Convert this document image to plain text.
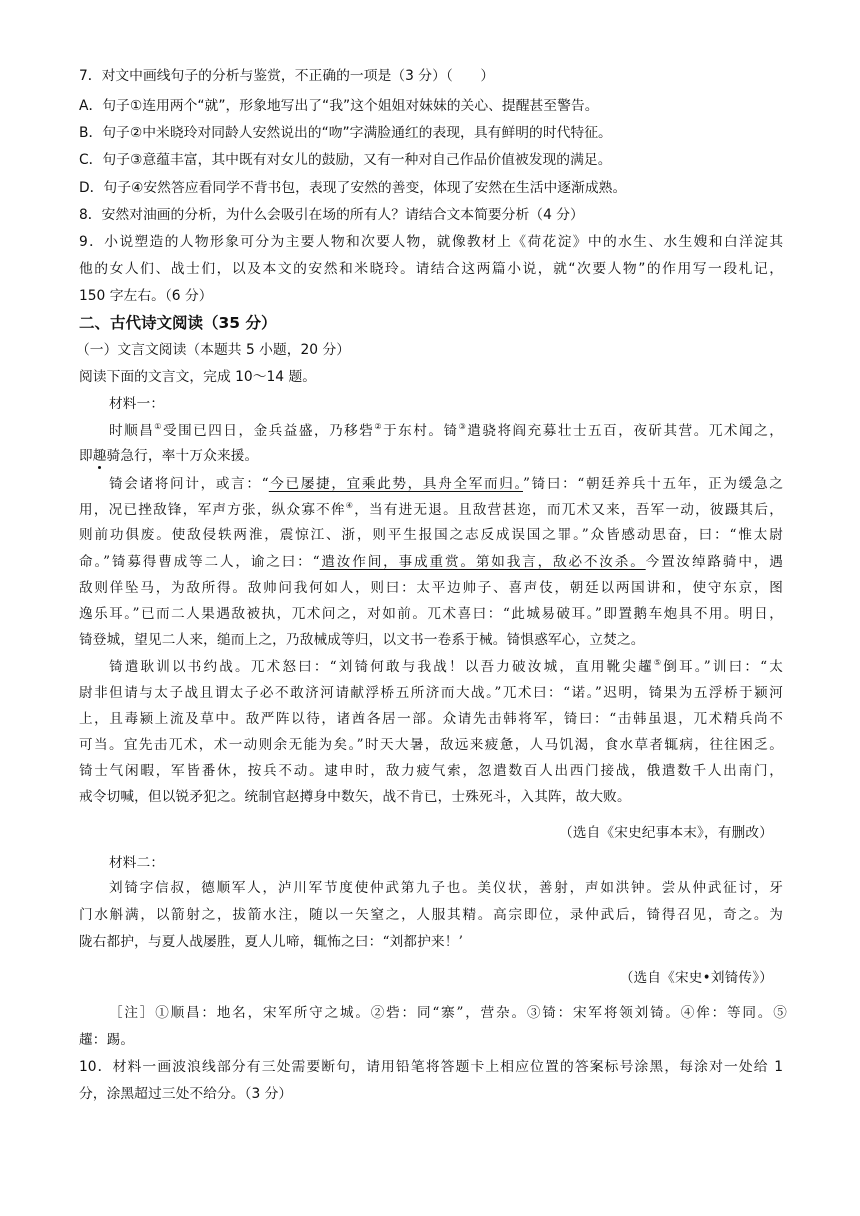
7．对文中画线句子的分析与鉴赏，不正确的一项是（3 分）（　　）
A．句子①连用两个“就”，形象地写出了“我”这个姐姐对妹妹的关心、提醒甚至警告。
B．句子②中米晓玲对同龄人安然说出的“吻”字满脸通红的表现，具有鲜明的时代特征。
C．句子③意蕴丰富，其中既有对女儿的鼓励，又有一种对自己作品价值被发现的满足。
D．句子④安然答应看同学不背书包，表现了安然的善变，体现了安然在生活中逐渐成熟。
8．安然对油画的分析，为什么会吸引在场的所有人？请结合文本简要分析（4 分）
9．小说塑造的人物形象可分为主要人物和次要人物，就像教材上《荷花淀》中的水生、水生嫂和白洋淀其
他的女人们、战士们，以及本文的安然和米晓玲。请结合这两篇小说，就“次要人物”的作用写一段札记，
150 字左右。（6 分）
二、古代诗文阅读（35 分）
（一）文言文阅读（本题共 5 小题，20 分）
阅读下面的文言文，完成 10～14 题。
材料一：
时顺昌①受围已四日，金兵益盛，乃移砦②于东村。锜③遣骁将阎充募壮士五百，夜斫其营。兀术闻之，
即趣骑急行，率十万众来援。
锜会诸将问计，或言：“今已屡捷，宜乘此势，具舟全军而归。”锜曰：“朝廷养兵十五年，正为缓急之
用，况已挫敌锋，军声方张，纵众寡不侔④，当有进无退。且敌营甚迩，而兀术又来，吾军一动，彼蹑其后，
则前功俱废。使敌侵轶两淮，震惊江、浙，则平生报国之志反成误国之罪。”众皆感动思奋，曰：“惟太尉
命。”锜募得曹成等二人，谕之曰：“遣汝作间，事成重赏。第如我言，敌必不汝杀。今置汝绰路骑中，遇
敌则佯坠马，为敌所得。敌帅问我何如人，则曰：太平边帅子、喜声伎，朝廷以两国讲和，使守东京，图
逸乐耳。”已而二人果遇敌被执，兀术问之，对如前。兀术喜曰：“此城易破耳。”即置鹅车炮具不用。明日，
锜登城，望见二人来，缒而上之，乃敌械成等归，以文书一卷系于械。锜惧惑军心，立焚之。
锜遣耿训以书约战。兀术怒曰：“刘锜何敢与我战！以吾力破汝城，直用靴尖趯⑤倒耳。”训曰：“太
尉非但请与太子战且谓太子必不敢济河请献浮桥五所济而大战。”兀术曰：“诺。”迟明，锜果为五浮桥于颍河
上，且毒颍上流及草中。敌严阵以待，诸酋各居一部。众请先击韩将军，锜曰：“击韩虽退，兀术精兵尚不
可当。宜先击兀术，术一动则余无能为矣。”时天大暑，敌远来疲惫，人马饥渴，食水草者辄病，往往困乏。
锜士气闲暇，军皆番休，按兵不动。逮申时，敌力疲气索，忽遣数百人出西门接战，俄遣数千人出南门，
戒令切喊，但以锐矛犯之。统制官赵撙身中数矢，战不肯已，士殊死斗，入其阵，故大败。
（选自《宋史纪事本末》，有删改）
材料二：
刘锜字信叔，德顺军人，泸川军节度使仲武第九子也。美仪状，善射，声如洪钟。尝从仲武征讨，牙
门水斛满，以箭射之，拔箭水注，随以一矢窒之，人服其精。高宗即位，录仲武后，锜得召见，奇之。为
陇右都护，与夏人战屡胜，夏人儿啼，辄怖之曰：“刘都护来！’
（选自《宋史•刘锜传》）
［注］①顺昌：地名，宋军所守之城。②砦：同“寨”，营杂。③锜：宋军将领刘锜。④侔：等同。⑤
趯：踢。
10．材料一画波浪线部分有三处需要断句，请用铅笔将答题卡上相应位置的答案标号涂黑，每涂对一处给 1
分，涂黑超过三处不给分。（3 分）
